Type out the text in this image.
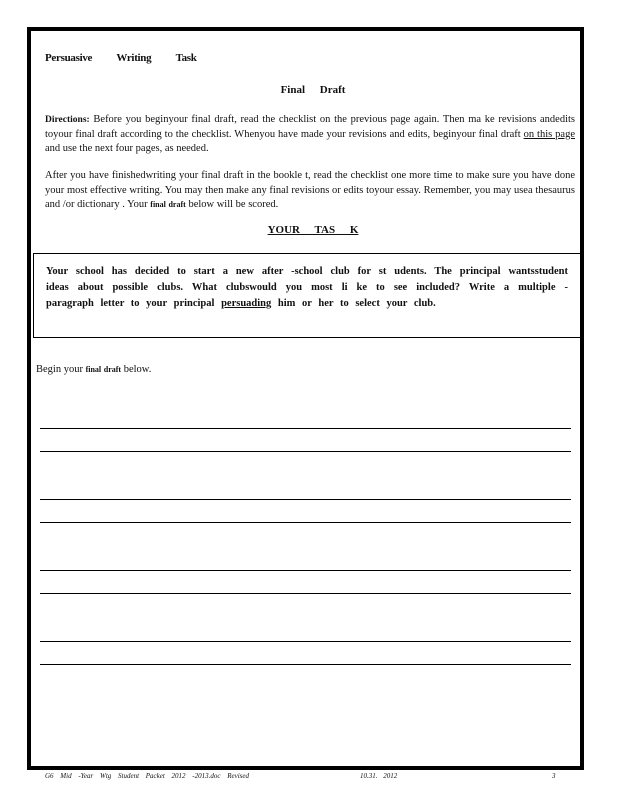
Persuasive Writing Task
Final Draft
Directions: Before you beginyour final draft, read the checklist on the previous page again. Then ma ke revisions andedits toyour final draft according to the checklist. Whenyou have made your revisions and edits, beginyour final draft on this page and use the next four pages, as needed.
After you have finishedwriting your final draft in the bookle t, read the checklist one more time to make sure you have done your most effective writing. You may then make any final revisions or edits toyour essay. Remember, you may usea thesaurus and /or dictionary . Your final draft below will be scored.
YOUR TAS K
Your school has decided to start a new after -school club for st udents. The principal wantsstudent ideas about possible clubs. What clubswould you most li ke to see included? Write a multiple -paragraph letter to your principal persuading him or her to select your club.
Begin your final draft below.
G6 Mid -Year Wtg Student Packet 2012 -2013.doc Revised	10.31. 2012	3
